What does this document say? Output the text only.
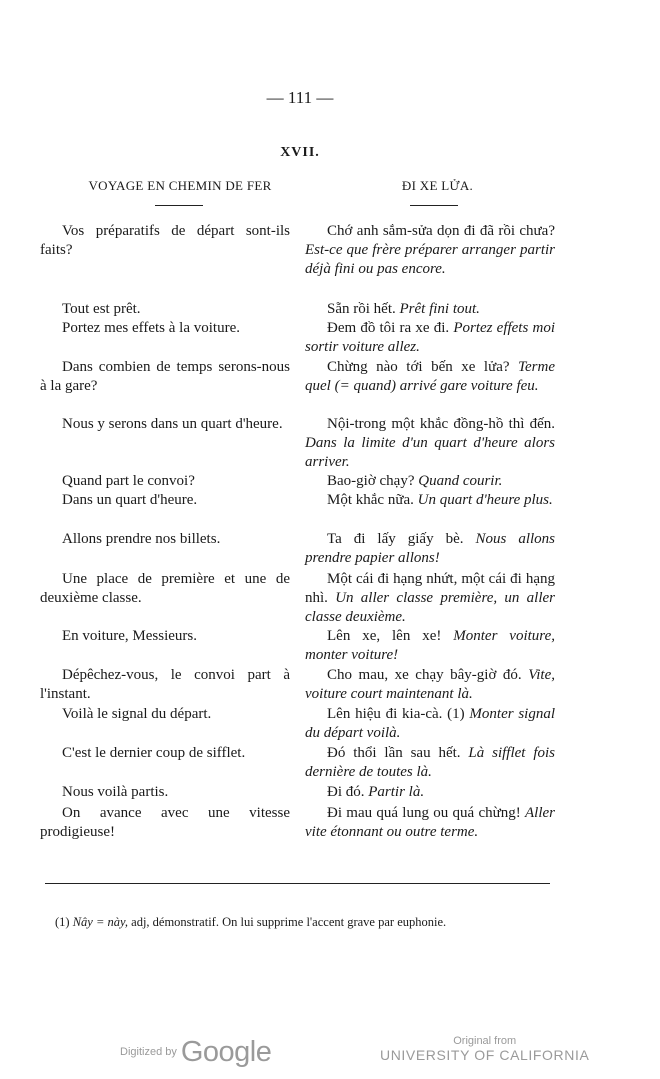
— 111 —
XVII.
VOYAGE EN CHEMIN DE FER	ĐI XE LỬA.
Vos préparatifs de départ sont-ils faits?
Tout est prêt.
Portez mes effets à la voiture.
Dans combien de temps serons-nous à la gare?
Nous y serons dans un quart d'heure.
Quand part le convoi?
Dans un quart d'heure.
Allons prendre nos billets.
Une place de première et une de deuxième classe.
En voiture, Messieurs.
Dépêchez-vous, le convoi part à l'instant.
Voilà le signal du départ.
C'est le dernier coup de sifflet.
Nous voilà partis.
On avance avec une vitesse prodigieuse!
Chớ anh sắm-sửa dọn đi đã rồi chưa? Est-ce que frère préparer arranger partir déjà fini ou pas encore.
Sẵn rồi hết. Prêt fini tout.
Đem đồ tôi ra xe đi. Portez effets moi sortir voiture allez.
Chừng nào tới bến xe lửa? Terme quel (= quand) arrivé gare voiture feu.
Nội-trong một khắc đồng-hồ thì đến. Dans la limite d'un quart d'heure alors arriver.
Bao-giờ chạy? Quand courir.
Một khắc nữa. Un quart d'heure plus.
Ta đi lấy giấy bè. Nous allons prendre papier allons!
Một cái đi hạng nhứt, một cái đi hạng nhì. Un aller classe première, un aller classe deuxième.
Lên xe, lên xe! Monter voiture, monter voiture!
Cho mau, xe chạy bây-giờ đó. Vite, voiture court maintenant là.
Lên hiệu đi kia-cà. (1) Monter signal du départ voilà.
Đó thổi lần sau hết. Là sifflet fois dernière de toutes là.
Đi đó. Partir là.
Đi mau quá lung ou quá chừng! Aller vite étonnant ou outre terme.
(1) Nây = này, adj, démonstratif. On lui supprime l'accent grave par euphonie.
$^{Digitized by}$ Google	Original from
UNIVERSITY OF CALIFORNIA
